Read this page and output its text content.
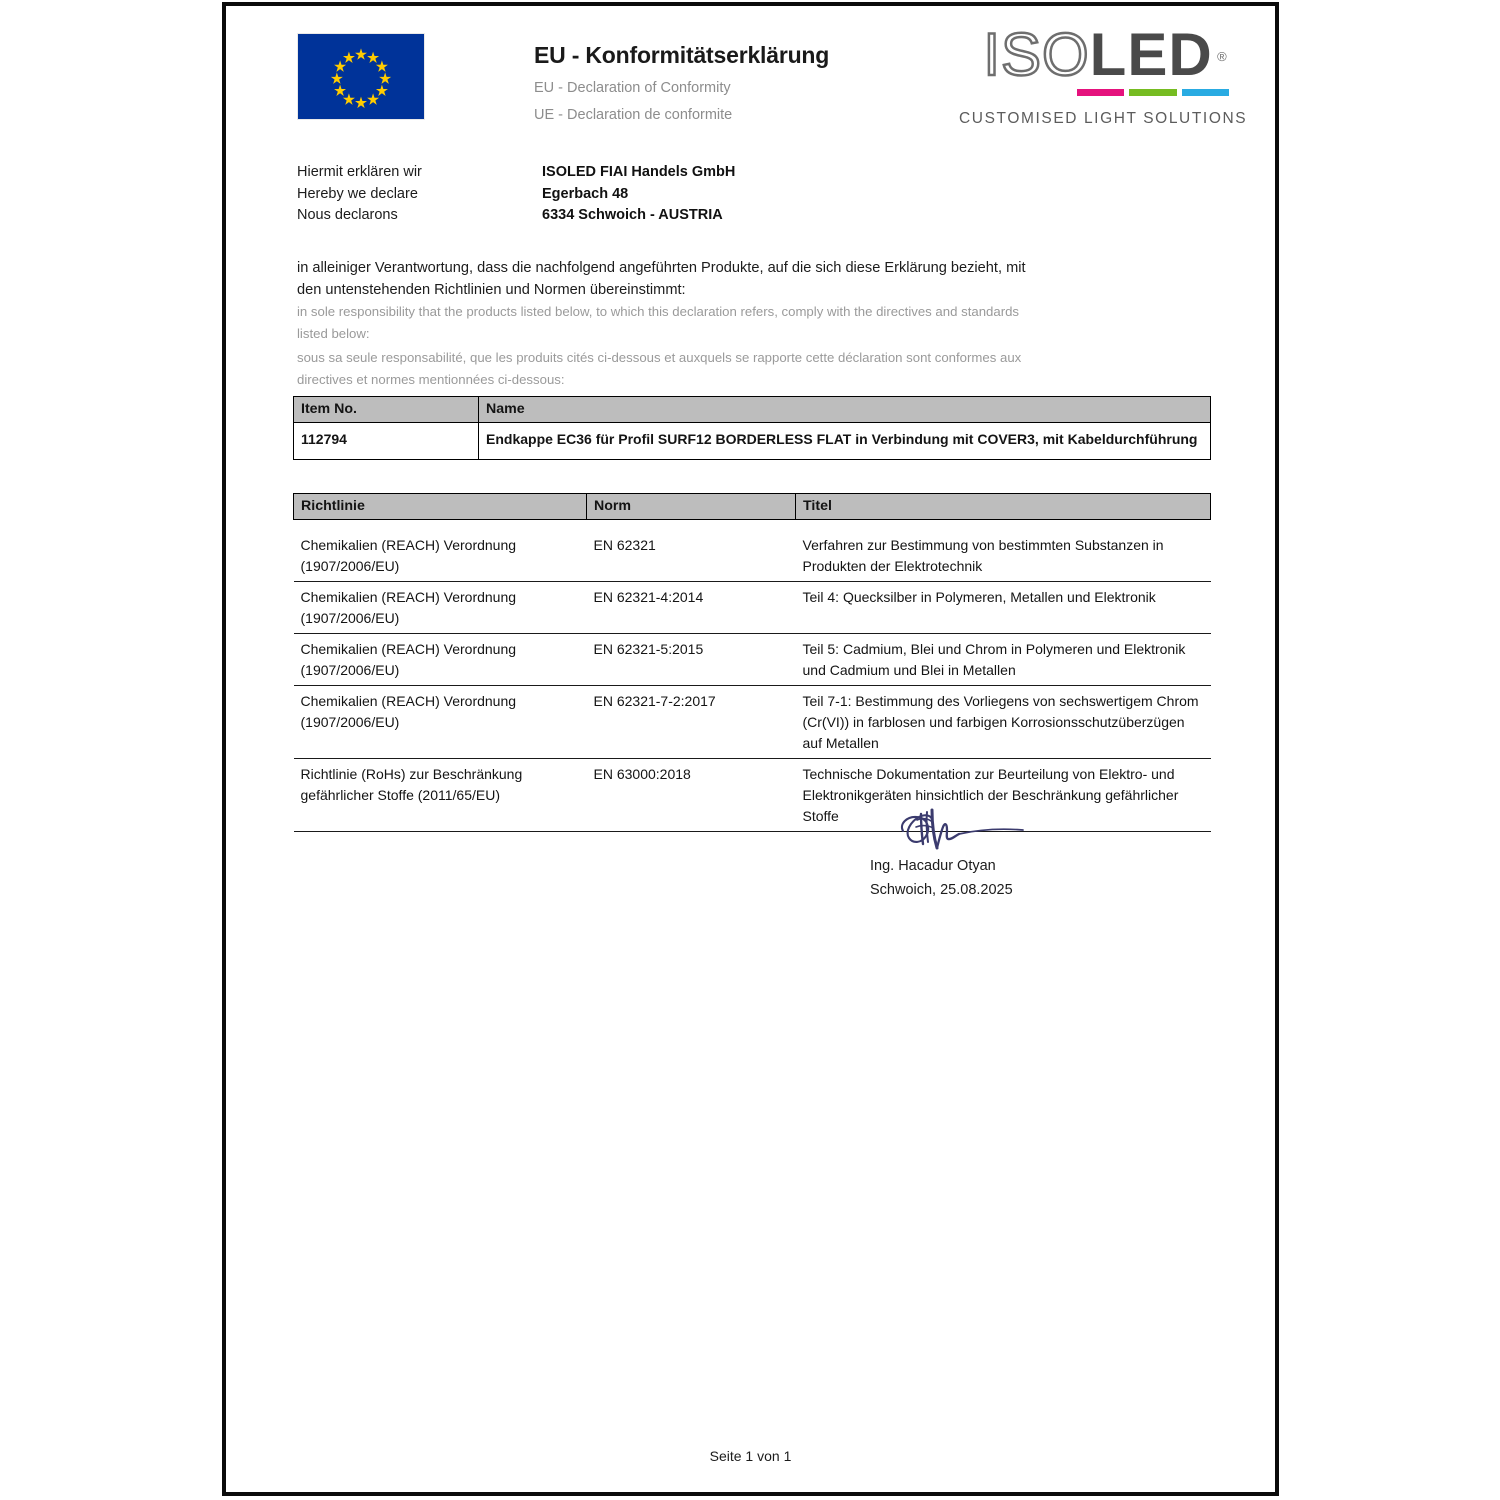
EU - Konformitätserklärung
EU - Declaration of Conformity
UE - Declaration de conformite
ISOLED ®
CUSTOMISED LIGHT SOLUTIONS
Hiermit erklären wir	ISOLED FIAI Handels GmbH
Hereby we declare	Egerbach 48
Nous declarons	6334 Schwoich - AUSTRIA
in alleiniger Verantwortung, dass die nachfolgend angeführten Produkte, auf die sich diese Erklärung bezieht, mit
den untenstehenden Richtlinien und Normen übereinstimmt:
in sole responsibility that the products listed below, to which this declaration refers, comply with the directives and standards
listed below:
sous sa seule responsabilité, que les produits cités ci-dessous et auxquels se rapporte cette déclaration sont conformes aux
directives et normes mentionnées ci-dessous:
Item No.	Name
112794	Endkappe EC36 für Profil SURF12 BORDERLESS FLAT in Verbindung mit COVER3, mit Kabeldurchführung
Richtlinie	Norm	Titel
Chemikalien (REACH) Verordnung (1907/2006/EU)	EN 62321	Verfahren zur Bestimmung von bestimmten Substanzen in Produkten der Elektrotechnik
Chemikalien (REACH) Verordnung (1907/2006/EU)	EN 62321-4:2014	Teil 4: Quecksilber in Polymeren, Metallen und Elektronik
Chemikalien (REACH) Verordnung (1907/2006/EU)	EN 62321-5:2015	Teil 5: Cadmium, Blei und Chrom in Polymeren und Elektronik und Cadmium und Blei in Metallen
Chemikalien (REACH) Verordnung (1907/2006/EU)	EN 62321-7-2:2017	Teil 7-1: Bestimmung des Vorliegens von sechswertigem Chrom (Cr(VI)) in farblosen und farbigen Korrosionsschutzüberzügen auf Metallen
Richtlinie (RoHs) zur Beschränkung gefährlicher Stoffe (2011/65/EU)	EN 63000:2018	Technische Dokumentation zur Beurteilung von Elektro- und Elektronikgeräten hinsichtlich der Beschränkung gefährlicher Stoffe
Ing. Hacadur Otyan
Schwoich, 25.08.2025
Seite 1 von 1
